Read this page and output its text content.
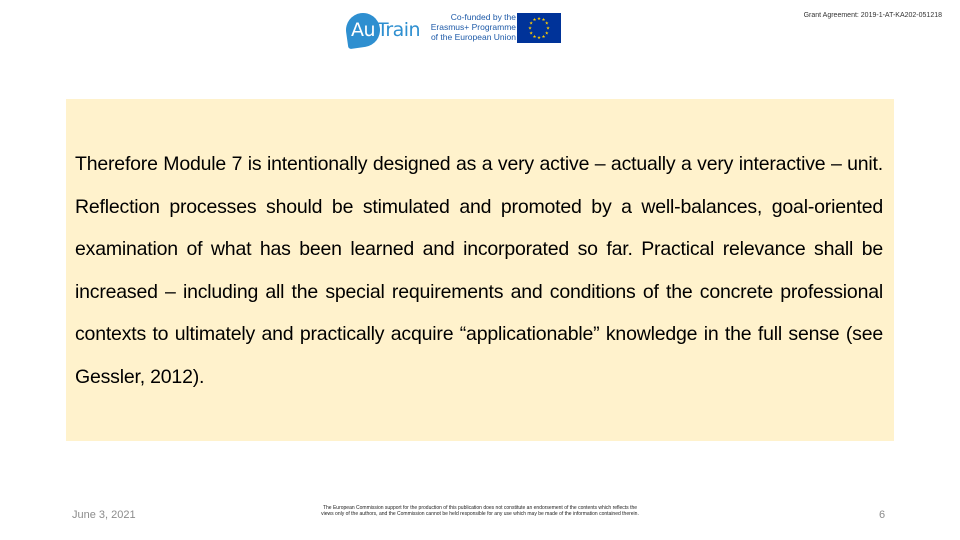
Au Train
Co-funded by the
Erasmus+ Programme
of the European Union
★ ★
★
★
★
★
★
★
★
★
★
★
Grant Agreement: 2019-1-AT-KA202-051218

Therefore Module 7 is intentionally designed as a very active – actually a very interactive – unit. Reflection processes should be stimulated and promoted by a well-balances, goal-oriented examination of what has been learned and incorporated so far. Practical relevance shall be increased – including all the special requirements and conditions of the concrete professional contexts to ultimately and practically acquire “applicationable” knowledge in the full sense (see Gessler, 2012).

June 3, 2021
The European Commission support for the production of this publication does not constitute an endorsement of the contents which reflects the views only of the authors, and the Commission cannot be held responsible for any use which may be made of the information contained therein.	6
